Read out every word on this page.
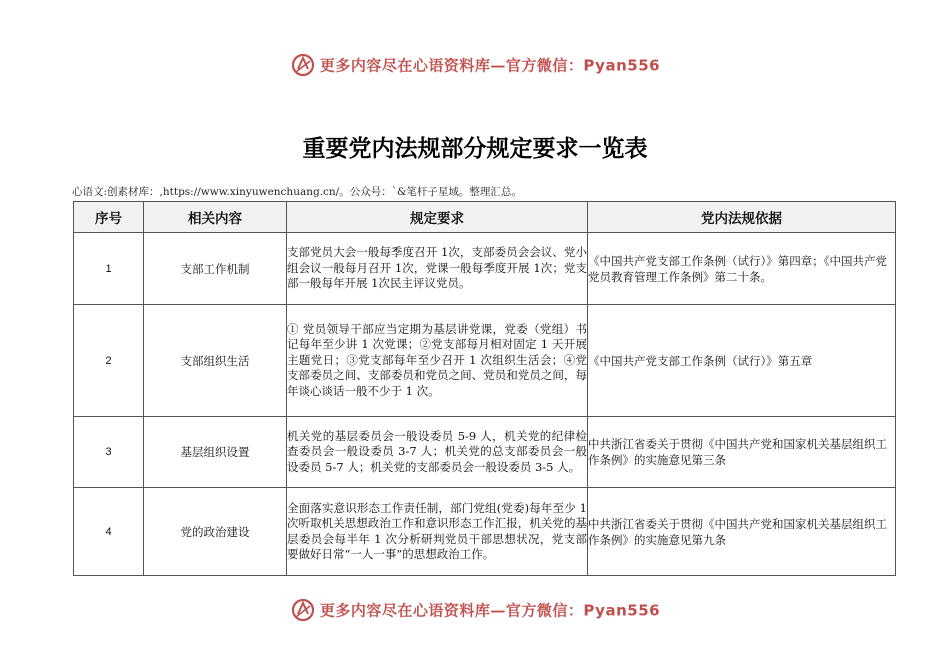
更多内容尽在心语资料库—官方微信：Pyan556
重要党内法规部分规定要求一览表
心语文:创素材库：,https://www.xinyuwenchuang.cn/。公众号：`&笔杆子星域。整理汇总。
序号	相关内容	规定要求	党内法规依据
1	支部工作机制	支部党员大会一般每季度召开 1次，支部委员会会议、党小组会议一般每月召开 1次，党课一般每季度开展 1次；党支部一般每年开展 1次民主评议党员。	《中国共产党支部工作条例（试行）》第四章；《中国共产党党员教育管理工作条例》第二十条。
2	支部组织生活	① 党员领导干部应当定期为基层讲党课，党委（党组）书记每年至少讲 1 次党课；②党支部每月相对固定 1 天开展主题党日；③党支部每年至少召开 1 次组织生活会；④党支部委员之间、支部委员和党员之间、党员和党员之间，每年谈心谈话一般不少于 1 次。	《中国共产党支部工作条例（试行）》第五章
3	基层组织设置	机关党的基层委员会一般设委员 5-9 人，机关党的纪律检查委员会一般设委员 3-7 人；机关党的总支部委员会一般设委员 5-7 人；机关党的支部委员会一般设委员 3-5 人。	中共浙江省委关于贯彻《中国共产党和国家机关基层组织工作条例》的实施意见第三条
4	党的政治建设	全面落实意识形态工作责任制，部门党组(党委)每年至少 1 次听取机关思想政治工作和意识形态工作汇报，机关党的基层委员会每半年 1 次分析研判党员干部思想状况，党支部要做好日常“一人一事”的思想政治工作。	中共浙江省委关于贯彻《中国共产党和国家机关基层组织工作条例》的实施意见第九条
更多内容尽在心语资料库—官方微信：Pyan556
